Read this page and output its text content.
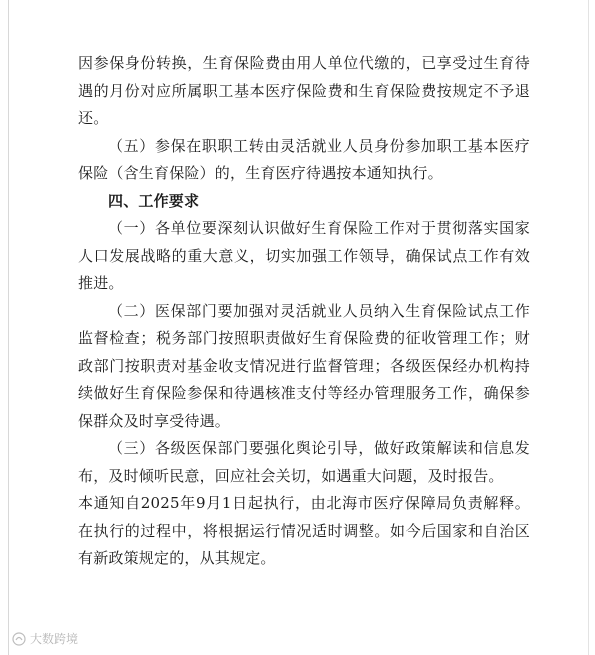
因参保身份转换，生育保险费由用人单位代缴的，已享受过生育待遇的月份对应所属职工基本医疗保险费和生育保险费按规定不予退还。

（五）参保在职职工转由灵活就业人员身份参加职工基本医疗保险（含生育保险）的，生育医疗待遇按本通知执行。

四、工作要求

（一）各单位要深刻认识做好生育保险工作对于贯彻落实国家人口发展战略的重大意义，切实加强工作领导，确保试点工作有效推进。

（二）医保部门要加强对灵活就业人员纳入生育保险试点工作监督检查；税务部门按照职责做好生育保险费的征收管理工作；财政部门按职责对基金收支情况进行监督管理；各级医保经办机构持续做好生育保险参保和待遇核准支付等经办管理服务工作，确保参保群众及时享受待遇。

（三）各级医保部门要强化舆论引导，做好政策解读和信息发布，及时倾听民意，回应社会关切，如遇重大问题，及时报告。

本通知自2025年9月1日起执行，由北海市医疗保障局负责解释。在执行的过程中，将根据运行情况适时调整。如今后国家和自治区有新政策规定的，从其规定。

大数跨境
